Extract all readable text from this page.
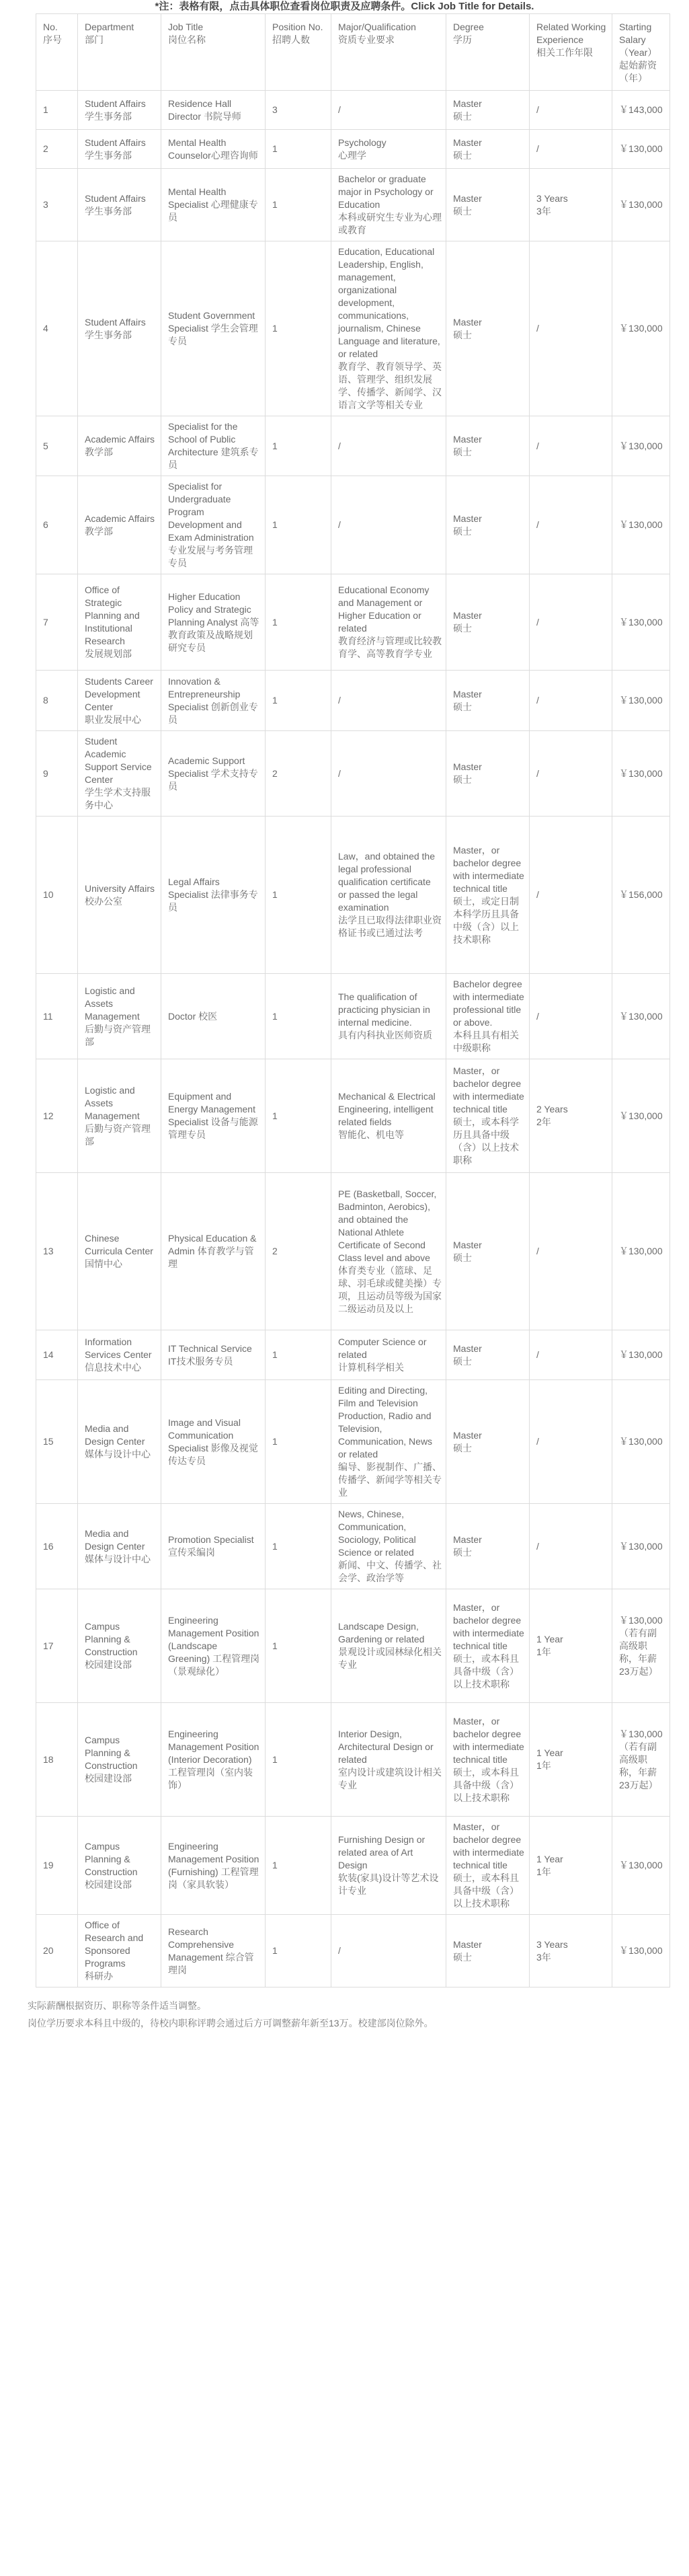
*注：表格有限，点击具体职位查看岗位职责及应聘条件。Click Job Title for Details.
No.
序号	Department
部门	Job Title
岗位名称	Position No.
招聘人数	Major/Qualification
资质专业要求	Degree
学历	Related Working Experience
相关工作年限	Starting Salary（Year）
起始薪资（年）
1	Student Affairs
学生事务部	Residence Hall Director 书院导师	3	/	Master
硕士	/	￥143,000
2	Student Affairs
学生事务部	Mental Health Counselor心理咨询师	1	Psychology
心理学	Master
硕士	/	￥130,000
3	Student Affairs
学生事务部	Mental Health Specialist 心理健康专员	1	Bachelor or graduate major in Psychology or Education
本科或研究生专业为心理或教育	Master
硕士	3 Years
3年	￥130,000
4	Student Affairs
学生事务部	Student Government Specialist 学生会管理专员	1	Education, Educational Leadership, English, management, organizational development, communications, journalism, Chinese Language and literature, or related
教育学、教育领导学、英语、管理学、组织发展学、传播学、新闻学、汉语言文学等相关专业	Master
硕士	/	￥130,000
5	Academic Affairs
教学部	Specialist for the School of Public Architecture 建筑系专员	1	/	Master
硕士	/	￥130,000
6	Academic Affairs
教学部	Specialist for Undergraduate Program Development and Exam Administration 专业发展与考务管理专员	1	/	Master
硕士	/	￥130,000
7	Office of Strategic Planning and Institutional Research
发展规划部	Higher Education Policy and Strategic Planning Analyst 高等教育政策及战略规划研究专员	1	Educational Economy and Management or Higher Education or related
教育经济与管理或比较教育学、高等教育学专业	Master
硕士	/	￥130,000
8	Students Career Development Center
职业发展中心	Innovation & Entrepreneurship Specialist 创新创业专员	1	/	Master
硕士	/	￥130,000
9	Student Academic Support Service Center
学生学术支持服务中心	Academic Support Specialist 学术支持专员	2	/	Master
硕士	/	￥130,000
10	University Affairs
校办公室	Legal Affairs Specialist 法律事务专员	1	Law，and obtained the legal professional qualification certificate or passed the legal examination
法学且已取得法律职业资格证书或已通过法考	Master，or bachelor degree with intermediate technical title
硕士，或定日制本科学历且具备中级（含）以上技术职称	/	￥156,000
11	Logistic and Assets Management
后勤与资产管理部	Doctor 校医	1	The qualification of practicing physician in internal medicine.
具有内科执业医师资质	Bachelor degree with intermediate professional title or above.
本科且具有相关中级职称	/	￥130,000
12	Logistic and Assets Management
后勤与资产管理部	Equipment and Energy Management Specialist 设备与能源管理专员	1	Mechanical & Electrical Engineering, intelligent related fields
智能化、机电等	Master，or bachelor degree with intermediate technical title
硕士，或本科学历且具备中级（含）以上技术职称	2 Years
2年	￥130,000
13	Chinese Curricula Center
国情中心	Physical Education & Admin 体育教学与管理	2	PE (Basketball, Soccer, Badminton, Aerobics), and obtained the National Athlete Certificate of Second Class level and above
体育类专业（篮球、足球、羽毛球或健美操）专项，且运动员等级为国家二级运动员及以上	Master
硕士	/	￥130,000
14	Information Services Center
信息技术中心	IT Technical Service IT技术服务专员	1	Computer Science or related
计算机科学相关	Master
硕士	/	￥130,000
15	Media and Design Center
媒体与设计中心	Image and Visual Communication Specialist 影像及视觉传达专员	1	Editing and Directing, Film and Television Production, Radio and Television, Communication, News or related
编导、影视制作、广播、传播学、新闻学等相关专业	Master
硕士	/	￥130,000
16	Media and Design Center
媒体与设计中心	Promotion Specialist 宣传采编岗	1	News, Chinese, Communication, Sociology, Political Science or related
新闻、中文、传播学、社会学、政治学等	Master
硕士	/	￥130,000
17	Campus Planning & Construction
校园建设部	Engineering Management Position (Landscape Greening) 工程管理岗（景观绿化）	1	Landscape Design, Gardening or related
景观设计或园林绿化相关专业	Master，or bachelor degree with intermediate technical title
硕士，或本科且具备中级（含）以上技术职称	1 Year
1年	￥130,000（若有副高级职称，年薪23万起）
18	Campus Planning & Construction
校园建设部	Engineering Management Position (Interior Decoration) 工程管理岗（室内装饰）	1	Interior Design, Architectural Design or related
室内设计或建筑设计相关专业	Master，or bachelor degree with intermediate technical title
硕士，或本科且具备中级（含）以上技术职称	1 Year
1年	￥130,000（若有副高级职称，年薪23万起）
19	Campus Planning & Construction
校园建设部	Engineering Management Position (Furnishing) 工程管理岗（家具软装）	1	Furnishing Design or related area of Art Design
软装(家具)设计等艺术设计专业	Master，or bachelor degree with intermediate technical title
硕士，或本科且具备中级（含）以上技术职称	1 Year
1年	￥130,000
20	Office of Research and Sponsored Programs
科研办	Research Comprehensive Management 综合管理岗	1	/	Master
硕士	3 Years
3年	￥130,000
实际薪酬根据资历、职称等条件适当调整。
岗位学历要求本科且中级的，待校内职称评聘会通过后方可调整薪年新至13万。校建部岗位除外。
